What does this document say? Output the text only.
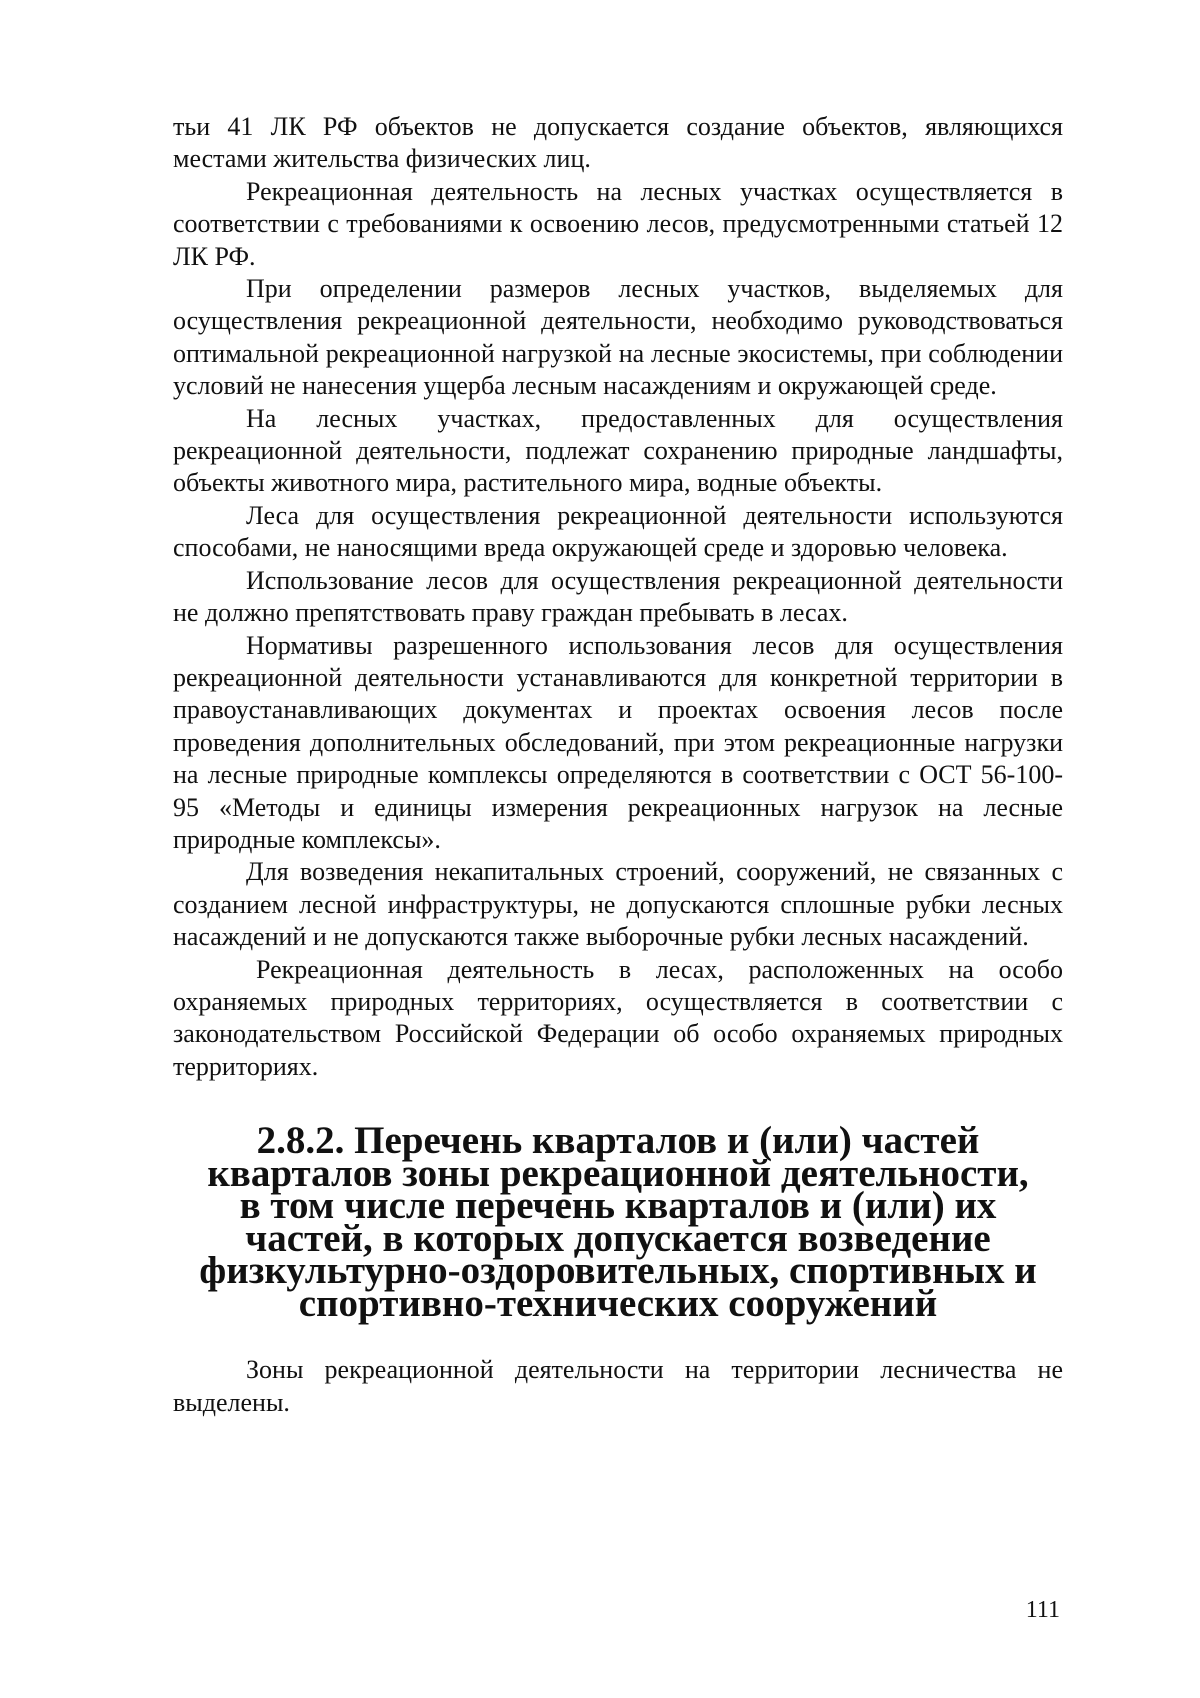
тьи 41 ЛК РФ объектов не допускается создание объектов, являющихся местами жительства физических лиц.

Рекреационная деятельность на лесных участках осуществляется в соответствии с требованиями к освоению лесов, предусмотренными статьей 12 ЛК РФ.

При определении размеров лесных участков, выделяемых для осуществления рекреационной деятельности, необходимо руководствоваться оптимальной рекреационной нагрузкой на лесные экосистемы, при соблюдении условий не нанесения ущерба лесным насаждениям и окружающей среде.

На лесных участках, предоставленных для осуществления рекреационной деятельности, подлежат сохранению природные ландшафты, объекты животного мира, растительного мира, водные объекты.

Леса для осуществления рекреационной деятельности используются способами, не наносящими вреда окружающей среде и здоровью человека.

Использование лесов для осуществления рекреационной деятельности не должно препятствовать праву граждан пребывать в лесах.

Нормативы разрешенного использования лесов для осуществления рекреационной деятельности устанавливаются для конкретной территории в правоустанавливающих документах и проектах освоения лесов после проведения дополнительных обследований, при этом рекреационные нагрузки на лесные природные комплексы определяются в соответствии с ОСТ 56-100-95 «Методы и единицы измерения рекреационных нагрузок на лесные природные комплексы».

Для возведения некапитальных строений, сооружений, не связанных с созданием лесной инфраструктуры, не допускаются сплошные рубки лесных насаждений и не допускаются также выборочные рубки лесных насаждений.

Рекреационная деятельность в лесах, расположенных на особо охраняемых природных территориях, осуществляется в соответствии с законодательством Российской Федерации об особо охраняемых природных территориях.

2.8.2. Перечень кварталов и (или) частей кварталов зоны рекреационной деятельности, в том числе перечень кварталов и (или) их частей, в которых допускается возведение физкультурно-оздоровительных, спортивных и спортивно-технических сооружений

Зоны рекреационной деятельности на территории лесничества не выделены.

111
